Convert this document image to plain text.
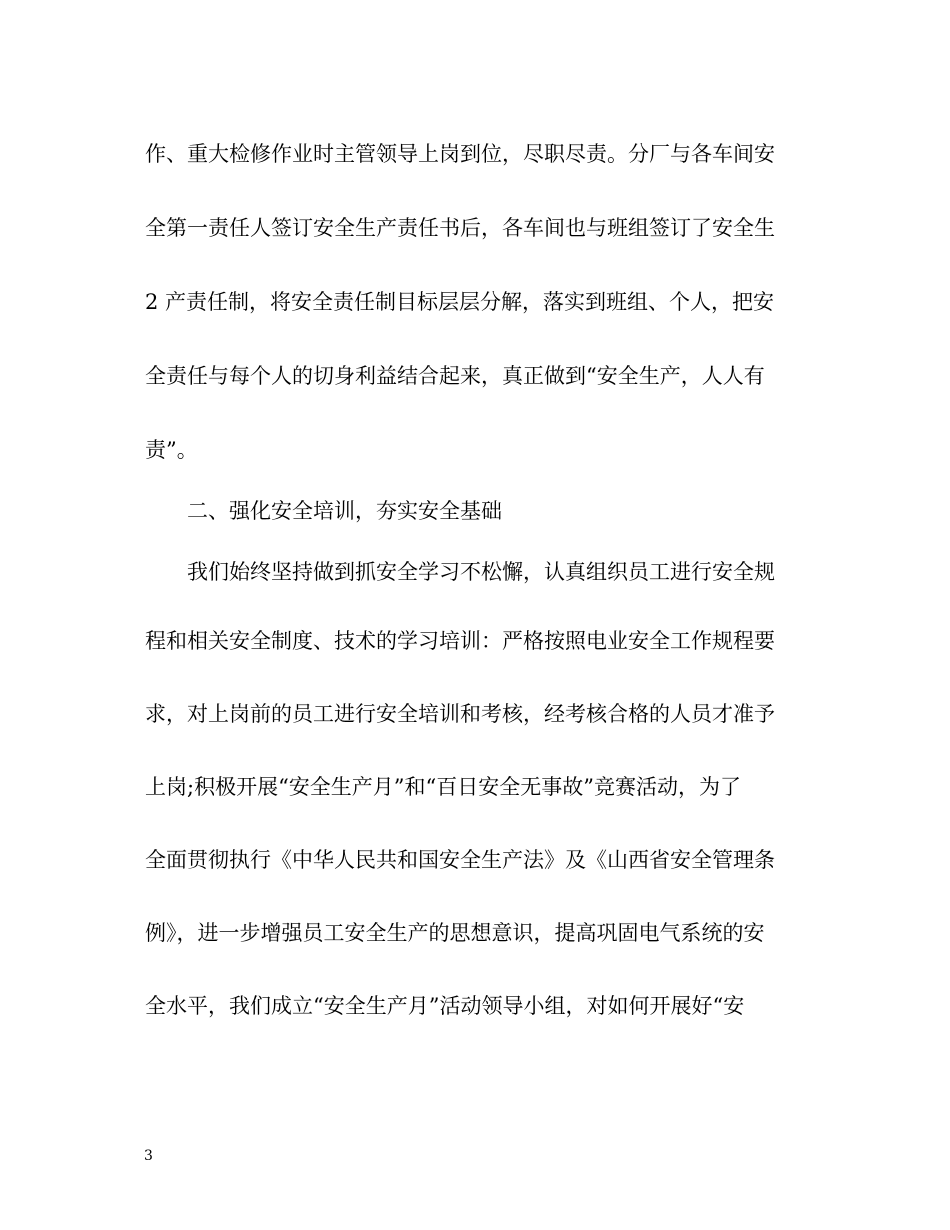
作、重大检修作业时主管领导上岗到位，尽职尽责。分厂与各车间安
全第一责任人签订安全生产责任书后，各车间也与班组签订了安全生
2 产责任制，将安全责任制目标层层分解，落实到班组、个人，把安
全责任与每个人的切身利益结合起来，真正做到“安全生产，人人有
责”。
二、强化安全培训，夯实安全基础
我们始终坚持做到抓安全学习不松懈，认真组织员工进行安全规
程和相关安全制度、技术的学习培训：严格按照电业安全工作规程要
求，对上岗前的员工进行安全培训和考核，经考核合格的人员才准予
上岗;积极开展“安全生产月”和“百日安全无事故”竞赛活动，为了
全面贯彻执行《中华人民共和国安全生产法》及《山西省安全管理条
例》，进一步增强员工安全生产的思想意识，提高巩固电气系统的安
全水平，我们成立“安全生产月”活动领导小组，对如何开展好“安
3
